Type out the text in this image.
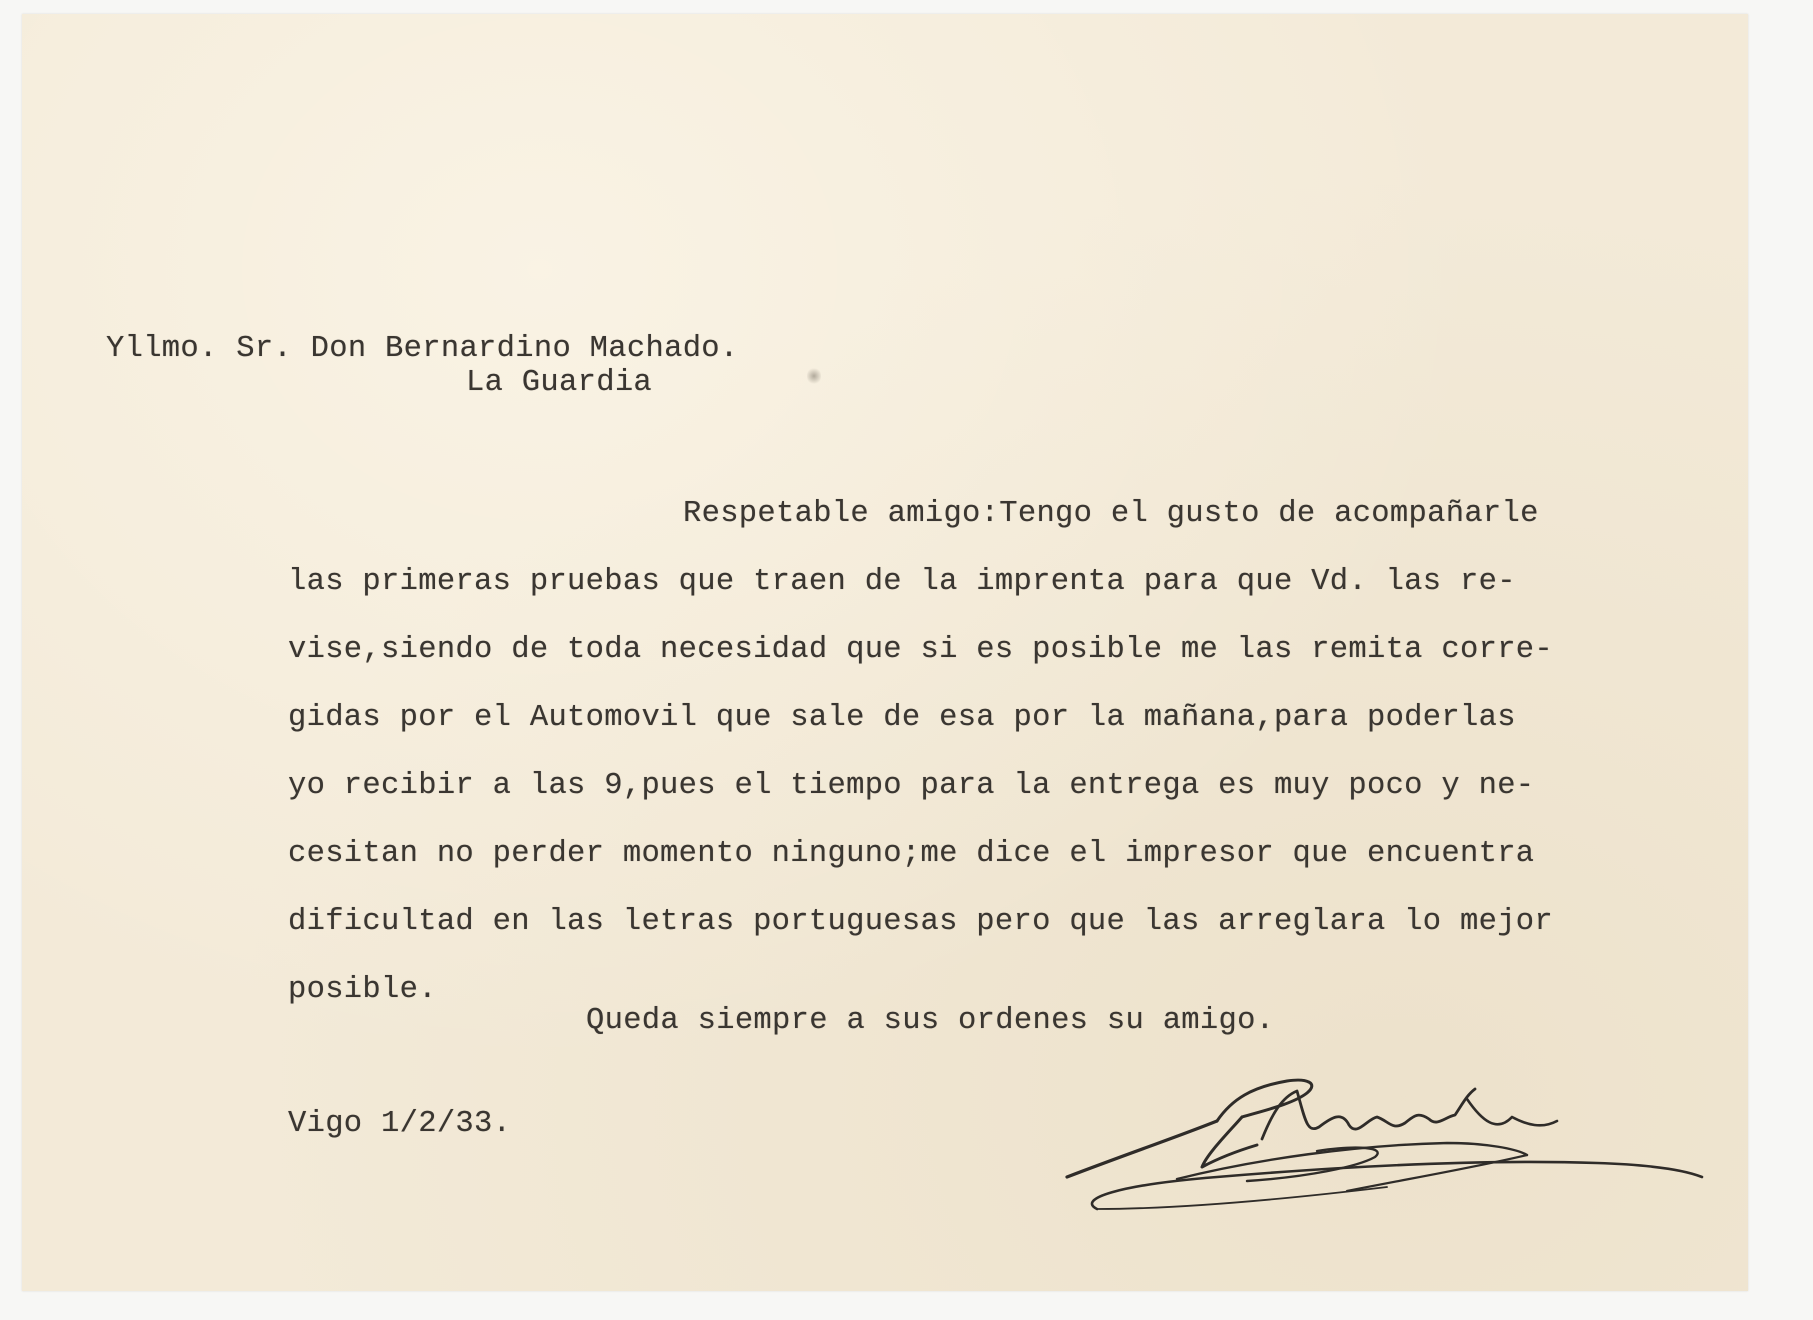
Yllmo. Sr. Don Bernardino Machado.
La Guardia
Respetable amigo:Tengo el gusto de acompañarle
las primeras pruebas que traen de la imprenta para que Vd. las re-
vise,siendo de toda necesidad que si es posible me las remita corre-
gidas por el Automovil que sale de esa por la mañana,para poderlas
yo recibir a las 9,pues el tiempo para la entrega es muy poco y ne-
cesitan no perder momento ninguno;me dice el impresor que encuentra
dificultad en las letras portuguesas pero que las arreglara lo mejor
posible.
Queda siempre a sus ordenes su amigo.
Vigo 1/2/33.
